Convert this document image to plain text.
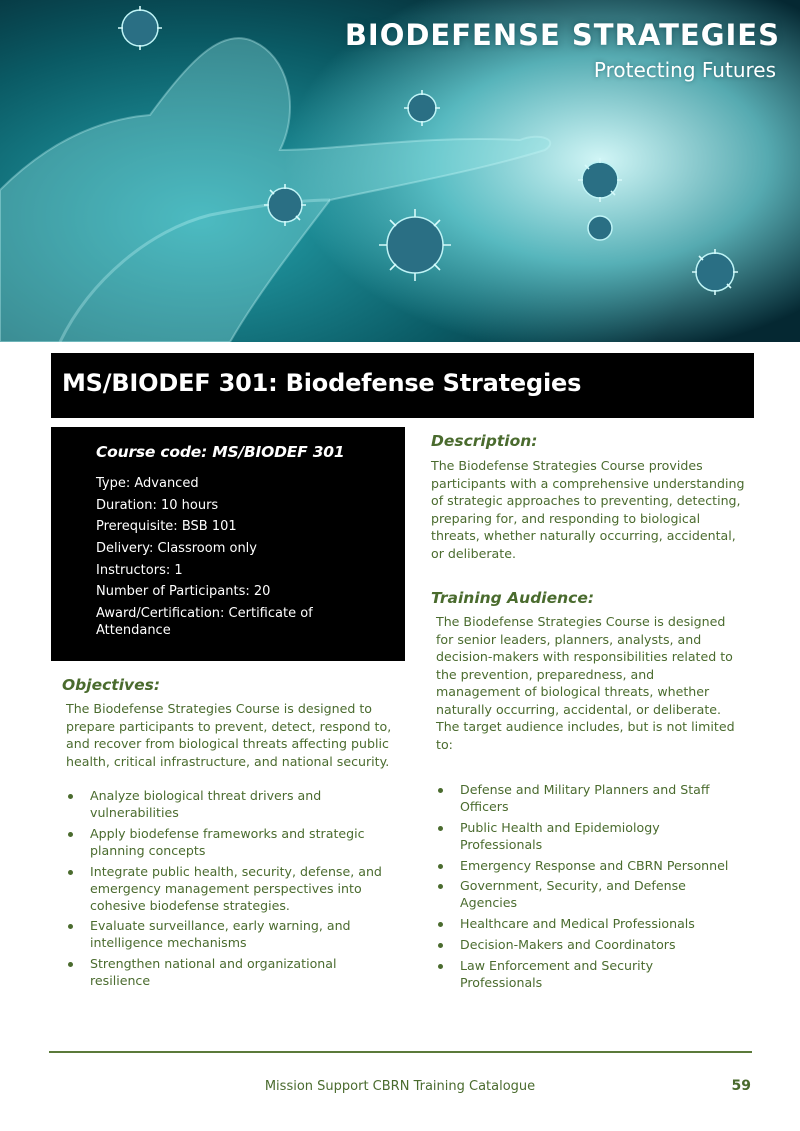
BIODEFENSE STRATEGIES
Protecting Futures
MS/BIODEF 301: Biodefense Strategies
Course code: MS/BIODEF 301
Type: Advanced
Duration: 10 hours
Prerequisite: BSB 101
Delivery: Classroom only
Instructors: 1
Number of Participants: 20
Award/Certification: Certificate of Attendance
Description:
The Biodefense Strategies Course provides participants with a comprehensive understanding of strategic approaches to preventing, detecting, preparing for, and responding to biological threats, whether naturally occurring, accidental, or deliberate.
Training Audience:
The Biodefense Strategies Course is designed for senior leaders, planners, analysts, and decision-makers with responsibilities related to the prevention, preparedness, and management of biological threats, whether naturally occurring, accidental, or deliberate. The target audience includes, but is not limited to:
Defense and Military Planners and Staff Officers
Public Health and Epidemiology Professionals
Emergency Response and CBRN Personnel
Government, Security, and Defense Agencies
Healthcare and Medical Professionals
Decision-Makers and Coordinators
Law Enforcement and Security Professionals
Objectives:
The Biodefense Strategies Course is designed to prepare participants to prevent, detect, respond to, and recover from biological threats affecting public health, critical infrastructure, and national security.
Analyze biological threat drivers and vulnerabilities
Apply biodefense frameworks and strategic planning concepts
Integrate public health, security, defense, and emergency management perspectives into cohesive biodefense strategies.
Evaluate surveillance, early warning, and intelligence mechanisms
Strengthen national and organizational resilience
Mission Support CBRN Training Catalogue	59
